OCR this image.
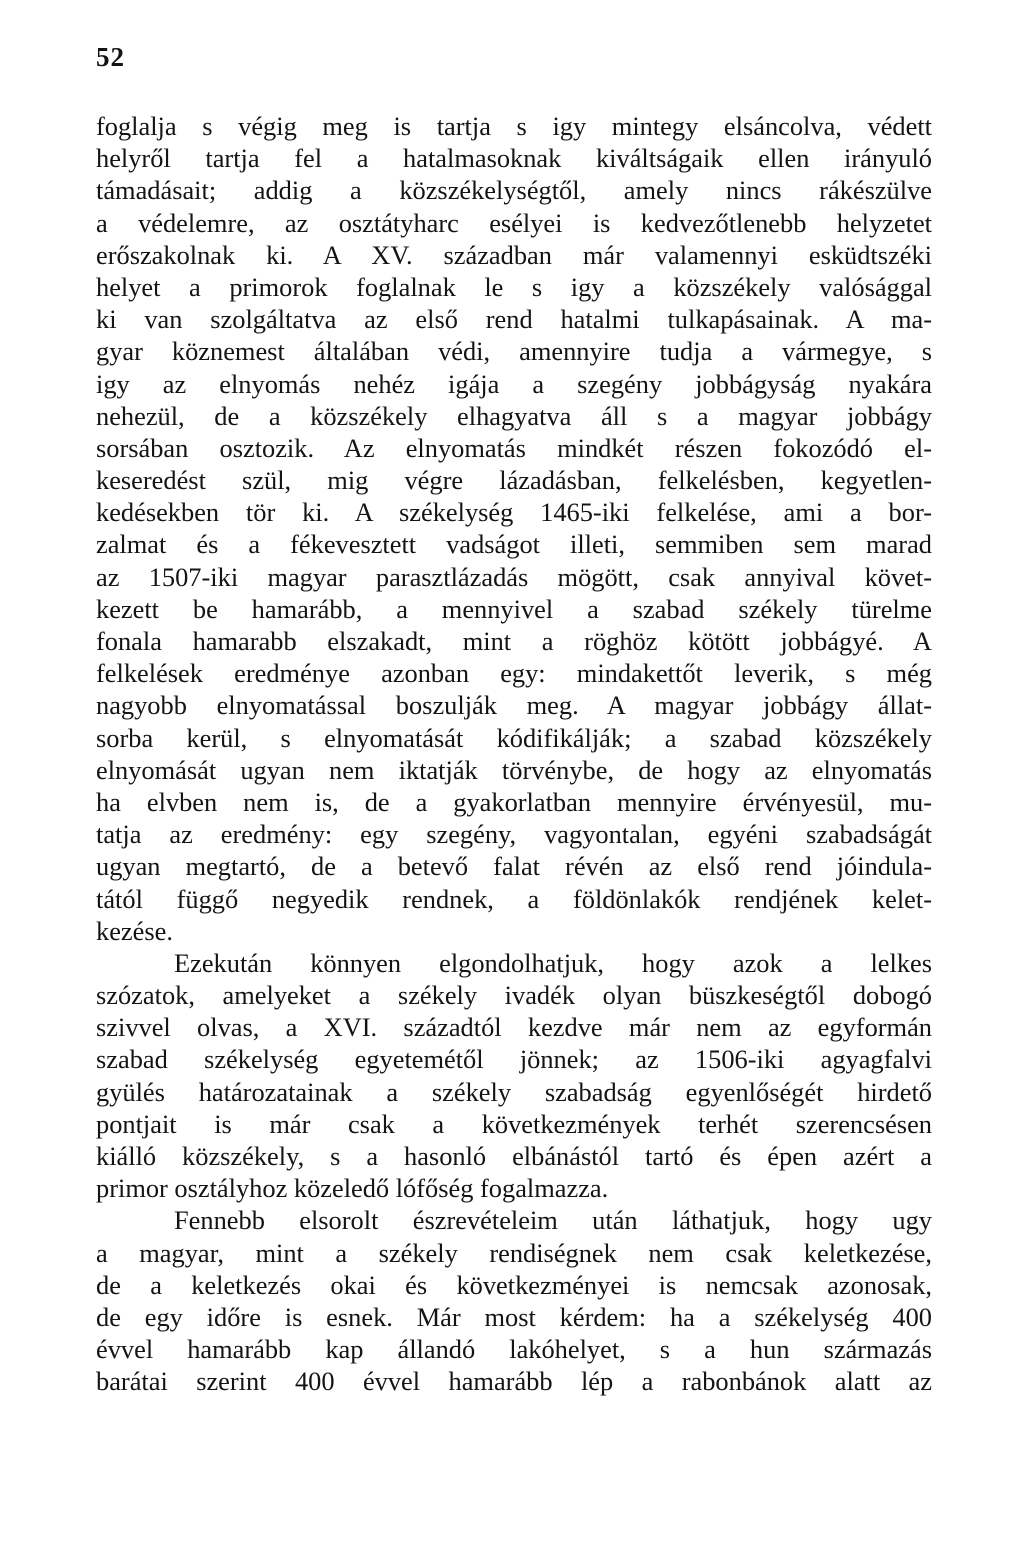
52
foglalja s végig meg is tartja s igy mintegy elsáncolva, védett
helyről tartja fel a hatalmasoknak kiváltságaik ellen irányuló
támadásait; addig a közszékelységtől, amely nincs rákészülve
a védelemre, az osztátyharc esélyei is kedvezőtlenebb helyzetet
erőszakolnak ki. A XV. században már valamennyi esküdtszéki
helyet a primorok foglalnak le s igy a közszékely valósággal
ki van szolgáltatva az első rend hatalmi tulkapásainak. A ma-
gyar köznemest általában védi, amennyire tudja a vármegye, s
igy az elnyomás nehéz igája a szegény jobbágyság nyakára
nehezül, de a közszékely elhagyatva áll s a magyar jobbágy
sorsában osztozik. Az elnyomatás mindkét részen fokozódó el-
keseredést szül, mig végre lázadásban, felkelésben, kegyetlen-
kedésekben tör ki. A székelység 1465-iki felkelése, ami a bor-
zalmat és a fékevesztett vadságot illeti, semmiben sem marad
az 1507-iki magyar parasztlázadás mögött, csak annyival követ-
kezett be hamarább, a mennyivel a szabad székely türelme
fonala hamarabb elszakadt, mint a röghöz kötött jobbágyé. A
felkelések eredménye azonban egy: mindakettőt leverik, s még
nagyobb elnyomatással boszulják meg. A magyar jobbágy állat-
sorba kerül, s elnyomatását kódifikálják; a szabad közszékely
elnyomását ugyan nem iktatják törvénybe, de hogy az elnyomatás
ha elvben nem is, de a gyakorlatban mennyire érvényesül, mu-
tatja az eredmény: egy szegény, vagyontalan, egyéni szabadságát
ugyan megtartó, de a betevő falat révén az első rend jóindula-
tától függő negyedik rendnek, a földönlakók rendjének kelet-
kezése.
Ezekután könnyen elgondolhatjuk, hogy azok a lelkes
szózatok, amelyeket a székely ivadék olyan büszkeségtől dobogó
szivvel olvas, a XVI. századtól kezdve már nem az egyformán
szabad székelység egyetemétől jönnek; az 1506-iki agyagfalvi
gyülés határozatainak a székely szabadság egyenlőségét hirdető
pontjait is már csak a következmények terhét szerencsésen
kiálló közszékely, s a hasonló elbánástól tartó és épen azért a
primor osztályhoz közeledő lófőség fogalmazza.
Fennebb elsorolt észrevételeim után láthatjuk, hogy ugy
a magyar, mint a székely rendiségnek nem csak keletkezése,
de a keletkezés okai és következményei is nemcsak azonosak,
de egy időre is esnek. Már most kérdem: ha a székelység 400
évvel hamarább kap állandó lakóhelyet, s a hun származás
barátai szerint 400 évvel hamarább lép a rabonbánok alatt az
